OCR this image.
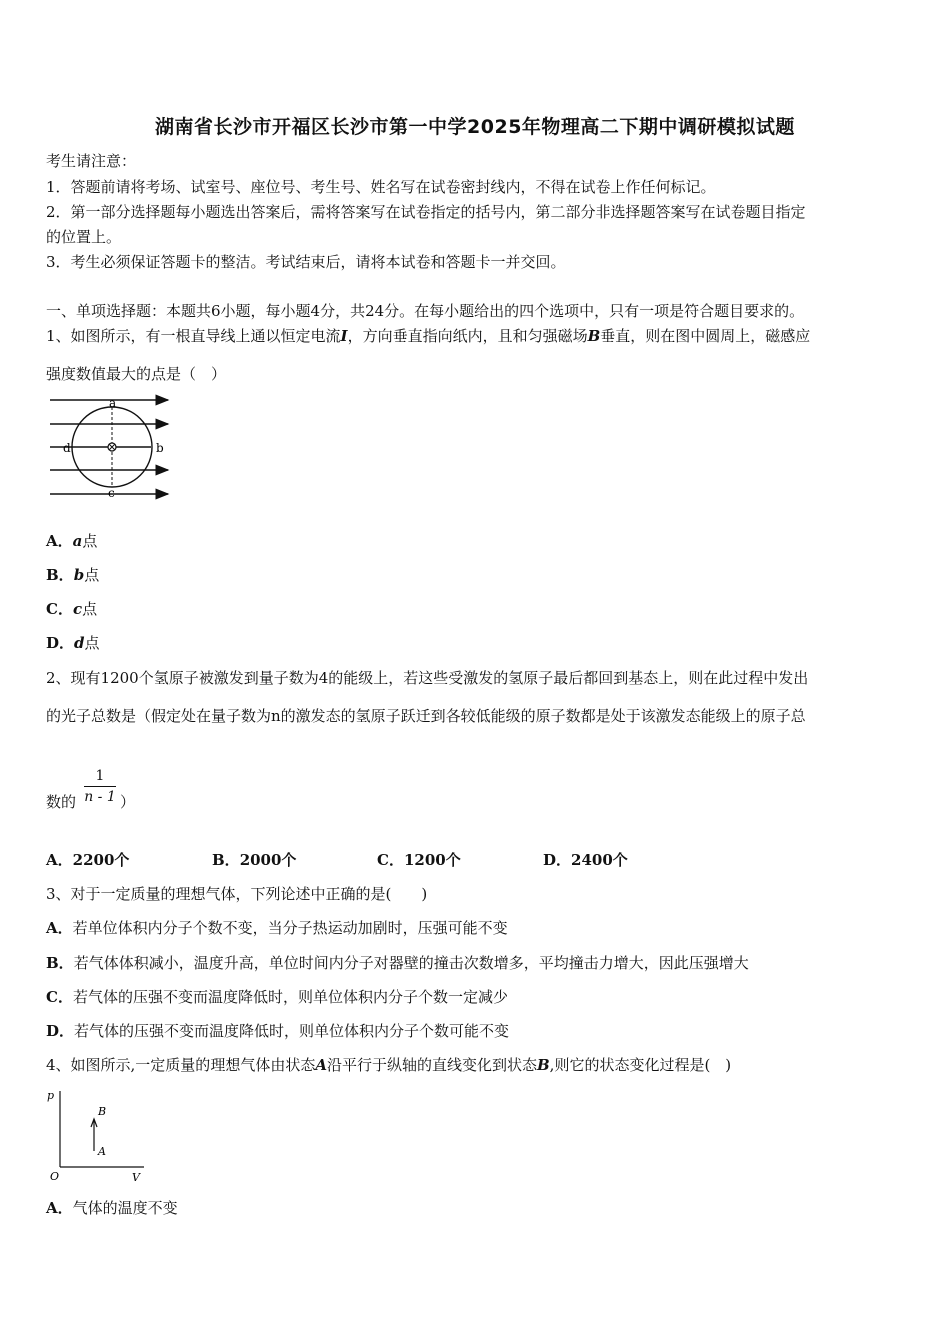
湖南省长沙市开福区长沙市第一中学2025年物理高二下期中调研模拟试题
考生请注意：
1．答题前请将考场、试室号、座位号、考生号、姓名写在试卷密封线内，不得在试卷上作任何标记。
2．第一部分选择题每小题选出答案后，需将答案写在试卷指定的括号内，第二部分非选择题答案写在试卷题目指定
的位置上。
3．考生必须保证答题卡的整洁。考试结束后，请将本试卷和答题卡一并交回。
一、单项选择题：本题共6小题，每小题4分，共24分。在每小题给出的四个选项中，只有一项是符合题目要求的。
1、如图所示，有一根直导线上通以恒定电流I，方向垂直指向纸内，且和匀强磁场B垂直，则在图中圆周上，磁感应
强度数值最大的点是（　）
a
b
c
d
A．a点
B．b点
C．c点
D．d点
2、现有1200个氢原子被激发到量子数为4的能级上，若这些受激发的氢原子最后都回到基态上，则在此过程中发出
的光子总数是（假定处在量子数为n的激发态的氢原子跃迁到各较低能级的原子数都是处于该激发态能级上的原子总
1
n - 1
数的	）
A．2200个	B．2000个	C．1200个	D．2400个
3、对于一定质量的理想气体，下列论述中正确的是(　　)
A．若单位体积内分子个数不变，当分子热运动加剧时，压强可能不变
B．若气体体积减小，温度升高，单位时间内分子对器壁的撞击次数增多，平均撞击力增大，因此压强增大
C．若气体的压强不变而温度降低时，则单位体积内分子个数一定减少
D．若气体的压强不变而温度降低时，则单位体积内分子个数可能不变
4、如图所示,一定质量的理想气体由状态A沿平行于纵轴的直线变化到状态B,则它的状态变化过程是(　)
p
O	V
B
A
A．气体的温度不变
